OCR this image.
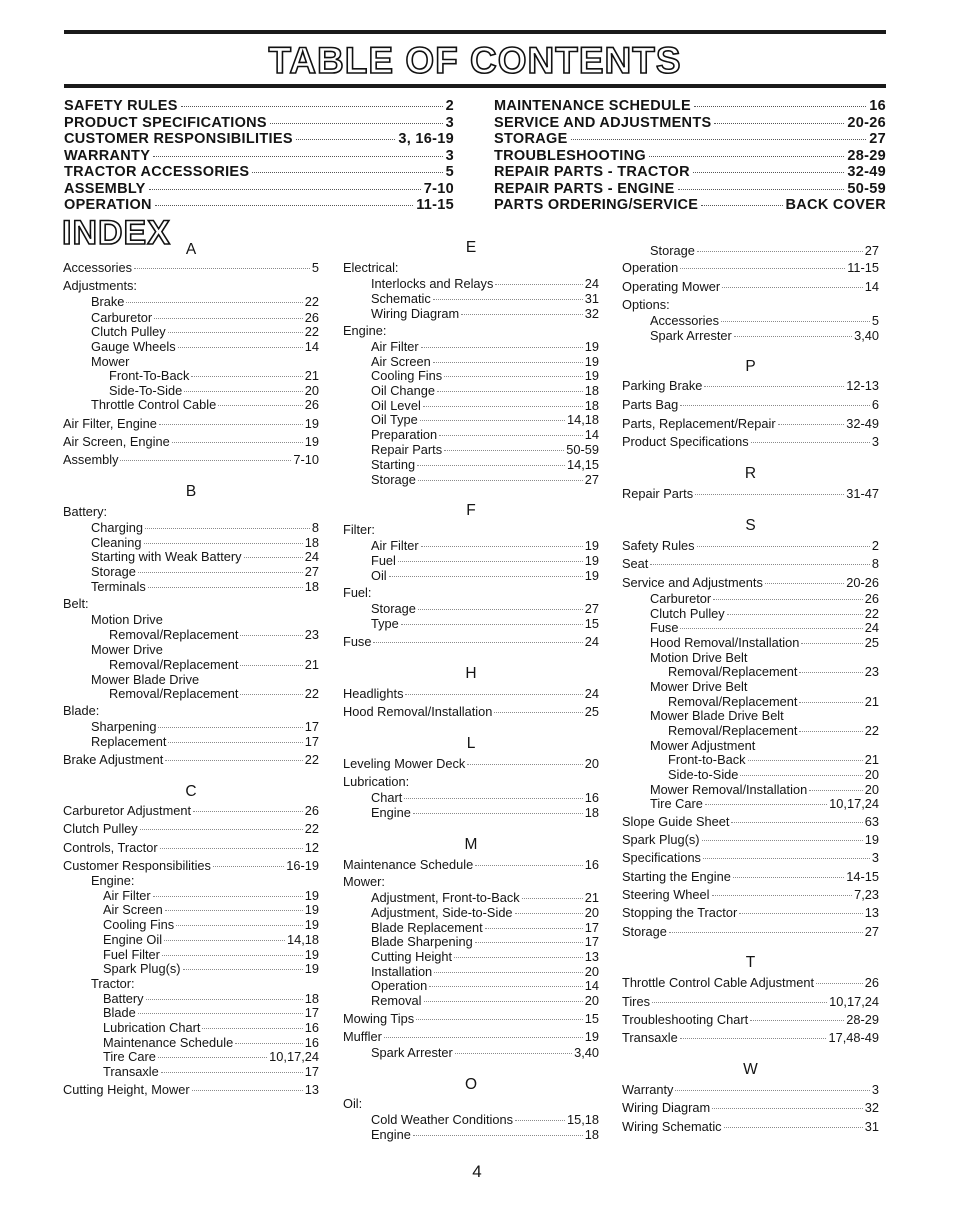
TABLE OF CONTENTS
SAFETY RULES	2
PRODUCT SPECIFICATIONS	3
CUSTOMER RESPONSIBILITIES	3, 16-19
WARRANTY	3
TRACTOR ACCESSORIES	5
ASSEMBLY	7-10
OPERATION	11-15
MAINTENANCE SCHEDULE	16
SERVICE AND ADJUSTMENTS	20-26
STORAGE	27
TROUBLESHOOTING	28-29
REPAIR PARTS - TRACTOR	32-49
REPAIR PARTS - ENGINE	50-59
PARTS ORDERING/SERVICE	BACK COVER
INDEX A
Accessories	5
Adjustments:
Brake	22
Carburetor	26
Clutch Pulley	22
Gauge Wheels	14
Mower
Front-To-Back	21
Side-To-Side	20
Throttle Control Cable	26
Air Filter, Engine	19
Air Screen, Engine	19
Assembly	7-10
B
Battery:
Charging	8
Cleaning	18
Starting with Weak Battery	24
Storage	27
Terminals	18
Belt:
Motion Drive
Removal/Replacement	23
Mower Drive
Removal/Replacement	21
Mower Blade Drive
Removal/Replacement	22
Blade:
Sharpening	17
Replacement	17
Brake Adjustment	22
C
Carburetor Adjustment	26
Clutch Pulley	22
Controls, Tractor	12
Customer Responsibilities	16-19
Engine:
Air Filter	19
Air Screen	19
Cooling Fins	19
Engine Oil	14,18
Fuel Filter	19
Spark Plug(s)	19
Tractor:
Battery	18
Blade	17
Lubrication Chart	16
Maintenance Schedule	16
Tire Care	10,17,24
Transaxle	17
Cutting Height, Mower	13
E
Electrical:
Interlocks and Relays	24
Schematic	31
Wiring Diagram	32
Engine:
Air Filter	19
Air Screen	19
Cooling Fins	19
Oil Change	18
Oil Level	18
Oil Type	14,18
Preparation	14
Repair Parts	50-59
Starting	14,15
Storage	27
F
Filter:
Air Filter	19
Fuel	19
Oil	19
Fuel:
Storage	27
Type	15
Fuse	24
H
Headlights	24
Hood Removal/Installation	25
L
Leveling Mower Deck	20
Lubrication:
Chart	16
Engine	18
M
Maintenance Schedule	16
Mower:
Adjustment, Front-to-Back	21
Adjustment, Side-to-Side	20
Blade Replacement	17
Blade Sharpening	17
Cutting Height	13
Installation	20
Operation	14
Removal	20
Mowing Tips	15
Muffler	19
Spark Arrester	3,40
O
Oil:
Cold Weather Conditions	15,18
Engine	18
Storage	27
Operation	11-15
Operating Mower	14
Options:
Accessories	5
Spark Arrester	3,40
P
Parking Brake	12-13
Parts Bag	6
Parts, Replacement/Repair	32-49
Product Specifications	3
R
Repair Parts	31-47
S
Safety Rules	2
Seat	8
Service and Adjustments	20-26
Carburetor	26
Clutch Pulley	22
Fuse	24
Hood Removal/Installation	25
Motion Drive Belt
Removal/Replacement	23
Mower Drive Belt
Removal/Replacement	21
Mower Blade Drive Belt
Removal/Replacement	22
Mower Adjustment
Front-to-Back	21
Side-to-Side	20
Mower Removal/Installation	20
Tire Care	10,17,24
Slope Guide Sheet	63
Spark Plug(s)	19
Specifications	3
Starting the Engine	14-15
Steering Wheel	7,23
Stopping the Tractor	13
Storage	27
T
Throttle Control Cable Adjustment	26
Tires	10,17,24
Troubleshooting Chart	28-29
Transaxle	17,48-49
W
Warranty	3
Wiring Diagram	32
Wiring Schematic	31
4
